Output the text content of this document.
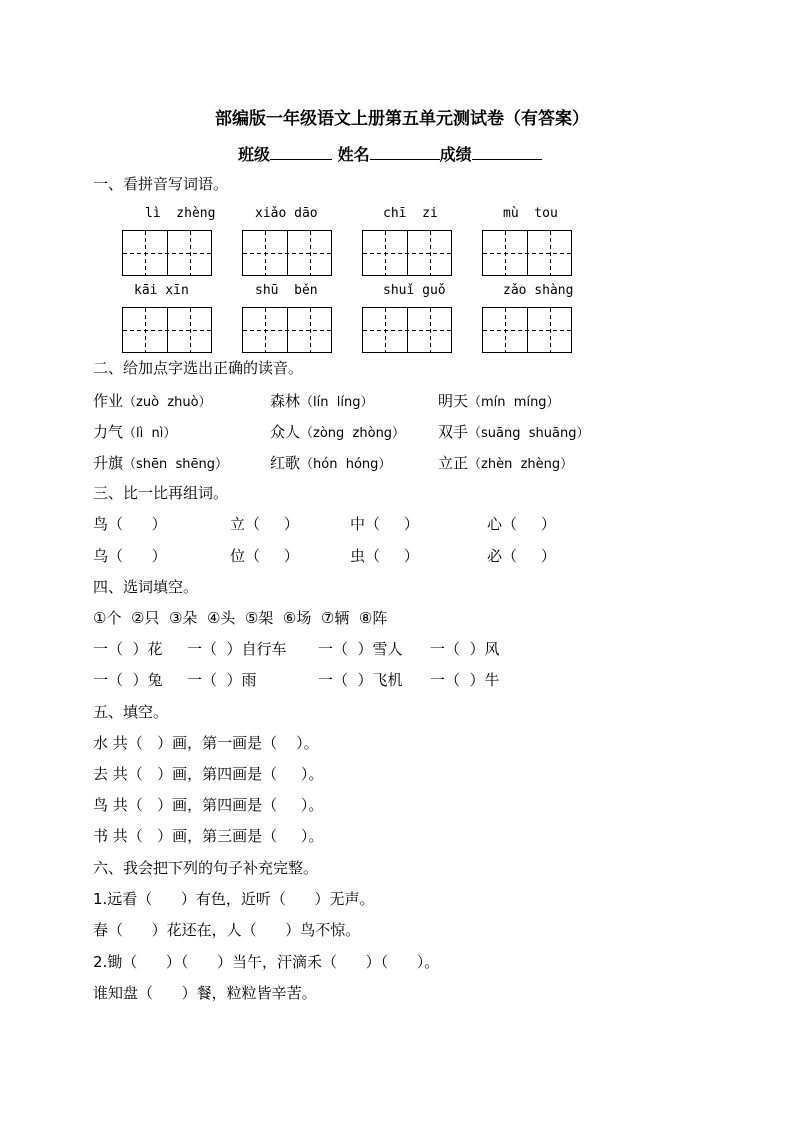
部编版一年级语文上册第五单元测试卷（有答案）
班级	姓名	成绩
一、看拼音写词语。
lì  zhèng	xiǎo dāo	chī  zi	mù  tou
kāi xīn	shū  běn	shuǐ guǒ	zǎo shàng
二、给加点字选出正确的读音。
作业（zuò  zhuò）	森林（lín  líng）	明天（mín  míng）
力气（lì  nì）	众人（zòng  zhòng） 双手（suāng  shuāng）
升旗（shēn  shēng）	红歌（hón  hóng）	立正（zhèn  zhèng）
三、比一比再组词。
鸟（      ）	立（     ）	中（     ）	心（     ）
乌（      ）	位（     ）	虫（     ）	必（     ）
四、选词填空。
①个  ②只  ③朵  ④头  ⑤架  ⑥场  ⑦辆  ⑧阵
一（  ）花 一（  ）自行车 一（  ）雪人 一（  ）风
一（  ）兔 一（  ）雨	一（  ）飞机 一（  ）牛
五、填空。
水 共（   ）画，第一画是（    ）。
去 共（   ）画，第四画是（     ）。
鸟 共（   ）画，第四画是（     ）。
书 共（   ）画，第三画是（     ）。
六、我会把下列的句子补充完整。
1.远看（      ）有色，近听（      ）无声。
春（      ）花还在，人（      ）鸟不惊。
2.锄（      ）（      ）当午，汗滴禾（      ）（      ）。
谁知盘（      ）餐，粒粒皆辛苦。
